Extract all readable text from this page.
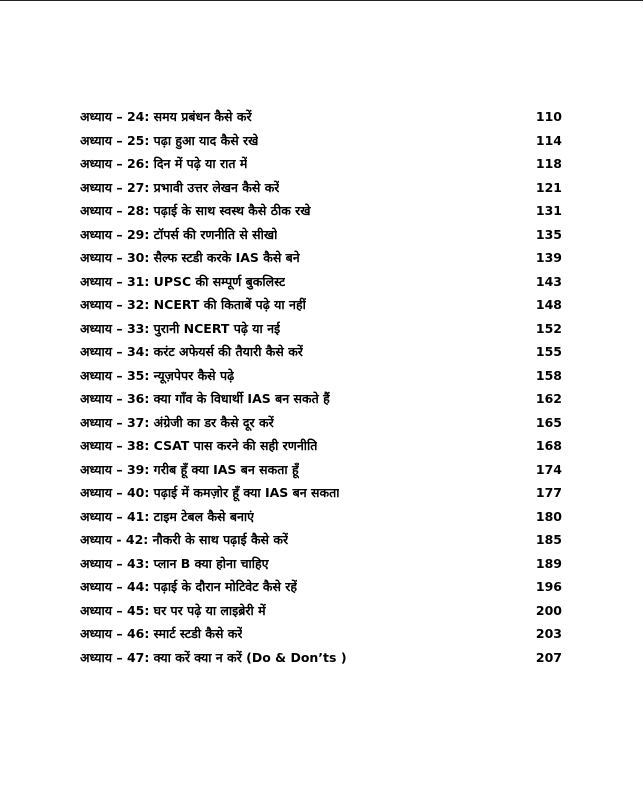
अध्याय – 24: समय प्रबंधन कैसे करें	110
अध्याय – 25: पढ़ा हुआ याद कैसे रखे	114
अध्याय – 26: दिन में पढ़े या रात में	118
अध्याय – 27: प्रभावी उत्तर लेखन कैसे करें	121
अध्याय – 28: पढ़ाई के साथ स्वस्थ कैसे ठीक रखे	131
अध्याय – 29: टॉपर्स की रणनीति से सीखो	135
अध्याय – 30: सैल्फ स्टडी करके IAS कैसे बने	139
अध्याय – 31: UPSC की सम्पूर्ण बुकलिस्ट	143
अध्याय – 32: NCERT की किताबें पढ़े या नहीं	148
अध्याय – 33: पुरानी NCERT पढ़े या नई	152
अध्याय – 34: करंट अफेयर्स की तैयारी कैसे करें	155
अध्याय – 35: न्यूज़पेपर कैसे पढ़े	158
अध्याय – 36: क्या गाँव के विधार्थी IAS बन सकते हैं	162
अध्याय – 37: अंग्रेजी का डर कैसे दूर करें	165
अध्याय – 38: CSAT पास करने की सही रणनीति	168
अध्याय – 39: गरीब हूँ क्या IAS बन सकता हूँ	174
अध्याय – 40: पढ़ाई में कमज़ोर हूँ क्या IAS बन सकता	177
अध्याय – 41: टाइम टेबल कैसे बनाएं	180
अध्याय - 42: नौकरी के साथ पढ़ाई कैसे करें	185
अध्याय – 43: प्लान B क्या होना चाहिए	189
अध्याय – 44: पढ़ाई के दौरान मोटिवेट कैसे रहें	196
अध्याय – 45: घर पर पढ़े या लाइब्रेरी में	200
अध्याय – 46: स्मार्ट स्टडी कैसे करें	203
अध्याय – 47: क्या करें क्या न करें (Do & Don’ts )	207
